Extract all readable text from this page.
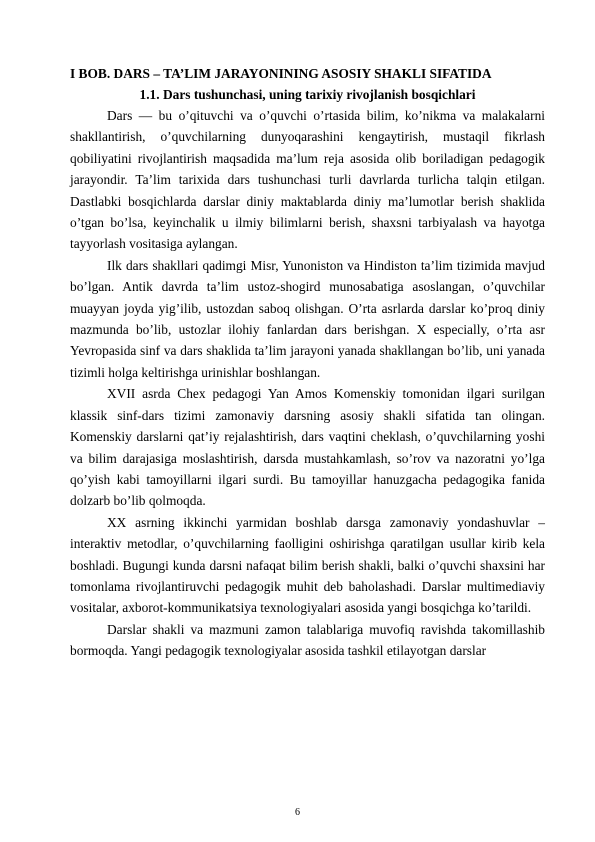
I BOB. DARS – TA’LIM JARAYONINING ASOSIY SHAKLI SIFATIDA
1.1. Dars tushunchasi, uning tarixiy rivojlanish bosqichlari

Dars — bu o’qituvchi va o’quvchi o’rtasida bilim, ko’nikma va malakalarni shakllantirish, o’quvchilarning dunyoqarashini kengaytirish, mustaqil fikrlash qobiliyatini rivojlantirish maqsadida ma’lum reja asosida olib boriladigan pedagogik jarayondir. Ta’lim tarixida dars tushunchasi turli davrlarda turlicha talqin etilgan. Dastlabki bosqichlarda darslar diniy maktablarda diniy ma’lumotlar berish shaklida o’tgan bo’lsa, keyinchalik u ilmiy bilimlarni berish, shaxsni tarbiyalash va hayotga tayyorlash vositasiga aylangan.

Ilk dars shakllari qadimgi Misr, Yunoniston va Hindiston ta’lim tizimida mavjud bo’lgan. Antik davrda ta’lim ustoz-shogird munosabatiga asoslangan, o’quvchilar muayyan joyda yig’ilib, ustozdan saboq olishgan. O’rta asrlarda darslar ko’proq diniy mazmunda bo’lib, ustozlar ilohiy fanlardan dars berishgan. X especially, o’rta asr Yevropasida sinf va dars shaklida ta’lim jarayoni yanada shakllangan bo’lib, uni yanada tizimli holga keltirishga urinishlar boshlangan.

XVII asrda Chex pedagogi Yan Amos Komenskiy tomonidan ilgari surilgan klassik sinf-dars tizimi zamonaviy darsning asosiy shakli sifatida tan olingan. Komenskiy darslarni qat’iy rejalashtirish, dars vaqtini cheklash, o’quvchilarning yoshi va bilim darajasiga moslashtirish, darsda mustahkamlash, so’rov va nazoratni yo’lga qo’yish kabi tamoyillarni ilgari surdi. Bu tamoyillar hanuzgacha pedagogika fanida dolzarb bo’lib qolmoqda.

XX asrning ikkinchi yarmidan boshlab darsga zamonaviy yondashuvlar – interaktiv metodlar, o’quvchilarning faolligini oshirishga qaratilgan usullar kirib kela boshladi. Bugungi kunda darsni nafaqat bilim berish shakli, balki o’quvchi shaxsini har tomonlama rivojlantiruvchi pedagogik muhit deb baholashadi. Darslar multimediaviy vositalar, axborot-kommunikatsiya texnologiyalari asosida yangi bosqichga ko’tarildi.

Darslar shakli va mazmuni zamon talablariga muvofiq ravishda takomillashib bormoqda. Yangi pedagogik texnologiyalar asosida tashkil etilayotgan darslar

6
